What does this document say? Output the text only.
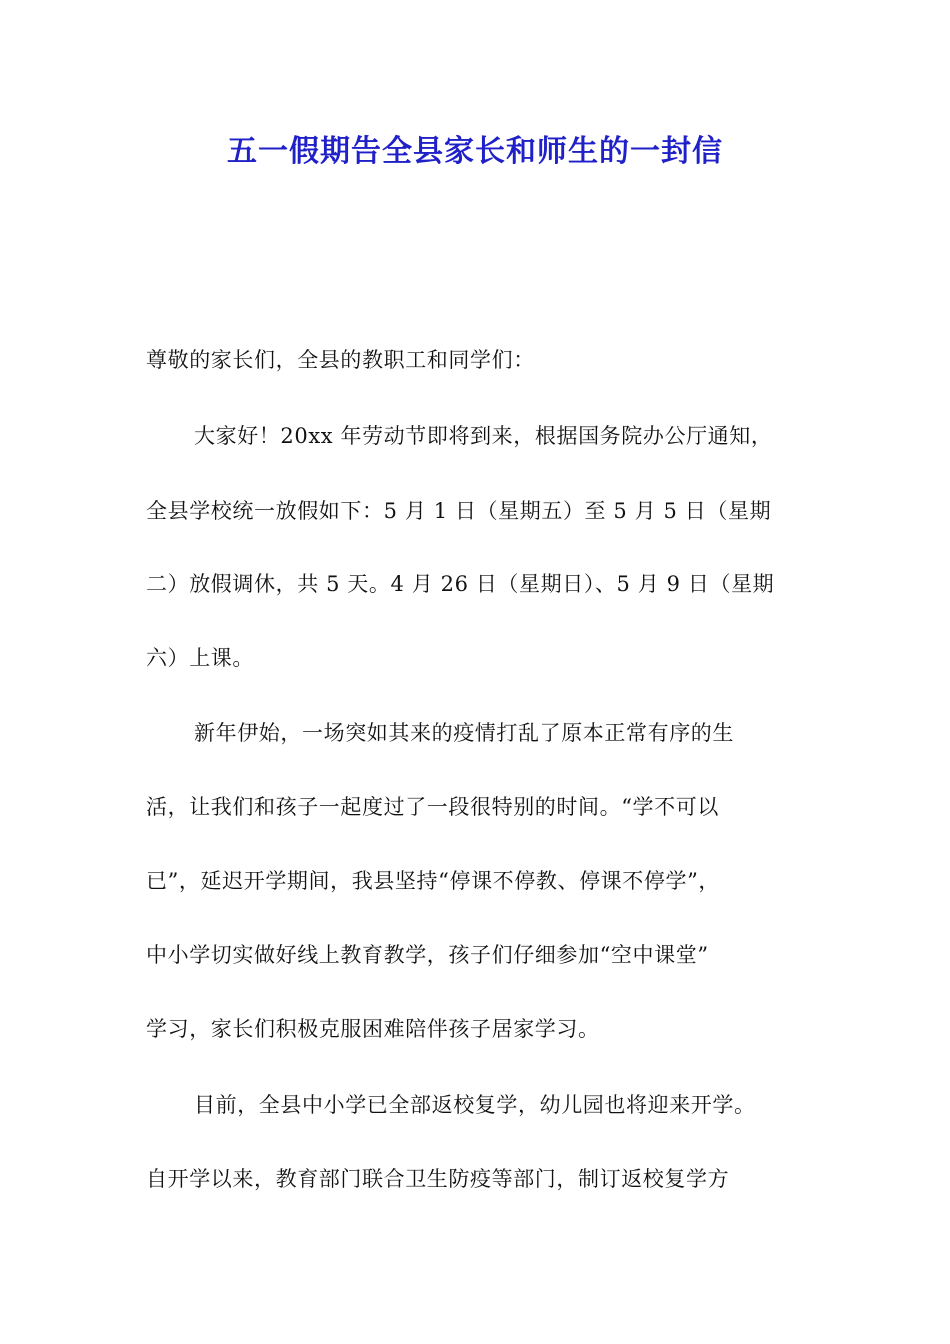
五一假期告全县家长和师生的一封信
尊敬的家长们，全县的教职工和同学们：
大家好！20xx 年劳动节即将到来，根据国务院办公厅通知，
全县学校统一放假如下：5 月 1 日（星期五）至 5 月 5 日（星期
二）放假调休，共 5 天。4 月 26 日（星期日）、5 月 9 日（星期
六）上课。
新年伊始，一场突如其来的疫情打乱了原本正常有序的生
活，让我们和孩子一起度过了一段很特别的时间。“学不可以
已”，延迟开学期间，我县坚持“停课不停教、停课不停学”，
中小学切实做好线上教育教学，孩子们仔细参加“空中课堂”
学习，家长们积极克服困难陪伴孩子居家学习。
目前，全县中小学已全部返校复学，幼儿园也将迎来开学。
自开学以来，教育部门联合卫生防疫等部门，制订返校复学方
